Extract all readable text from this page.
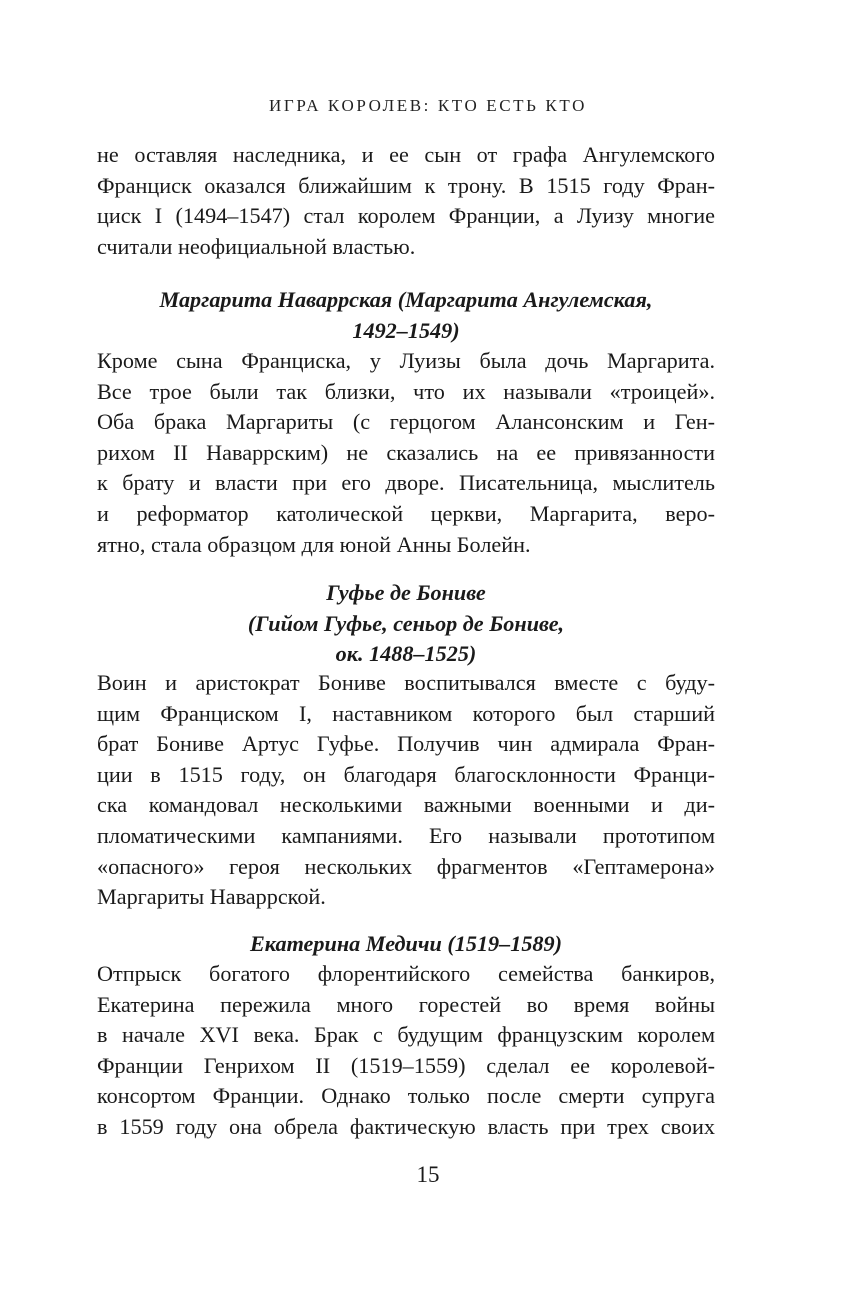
ИГРА КОРОЛЕВ: КТО ЕСТЬ КТО
не оставляя наследника, и ее сын от графа Ангулемского
Франциск оказался ближайшим к трону. В 1515 году Фран-
циск I (1494–1547) стал королем Франции, а Луизу многие
считали неофициальной властью.
Маргарита Наваррская (Маргарита Ангулемская,
1492–1549)
Кроме сына Франциска, у Луизы была дочь Маргарита.
Все трое были так близки, что их называли «троицей».
Оба брака Маргариты (с герцогом Алансонским и Ген-
рихом II Наваррским) не сказались на ее привязанности
к брату и власти при его дворе. Писательница, мыслитель
и реформатор католической церкви, Маргарита, веро-
ятно, стала образцом для юной Анны Болейн.
Гуфье де Бониве
(Гийом Гуфье, сеньор де Бониве,
ок. 1488–1525)
Воин и аристократ Бониве воспитывался вместе с буду-
щим Франциском I, наставником которого был старший
брат Бониве Артус Гуфье. Получив чин адмирала Фран-
ции в 1515 году, он благодаря благосклонности Франци-
ска командовал несколькими важными военными и ди-
пломатическими кампаниями. Его называли прототипом
«опасного» героя нескольких фрагментов «Гептамерона»
Маргариты Наваррской.
Екатерина Медичи (1519–1589)
Отпрыск богатого флорентийского семейства банкиров,
Екатерина пережила много горестей во время войны
в начале XVI века. Брак с будущим французским королем
Франции Генрихом II (1519–1559) сделал ее королевой-
консортом Франции. Однако только после смерти супруга
в 1559 году она обрела фактическую власть при трех своих
15
